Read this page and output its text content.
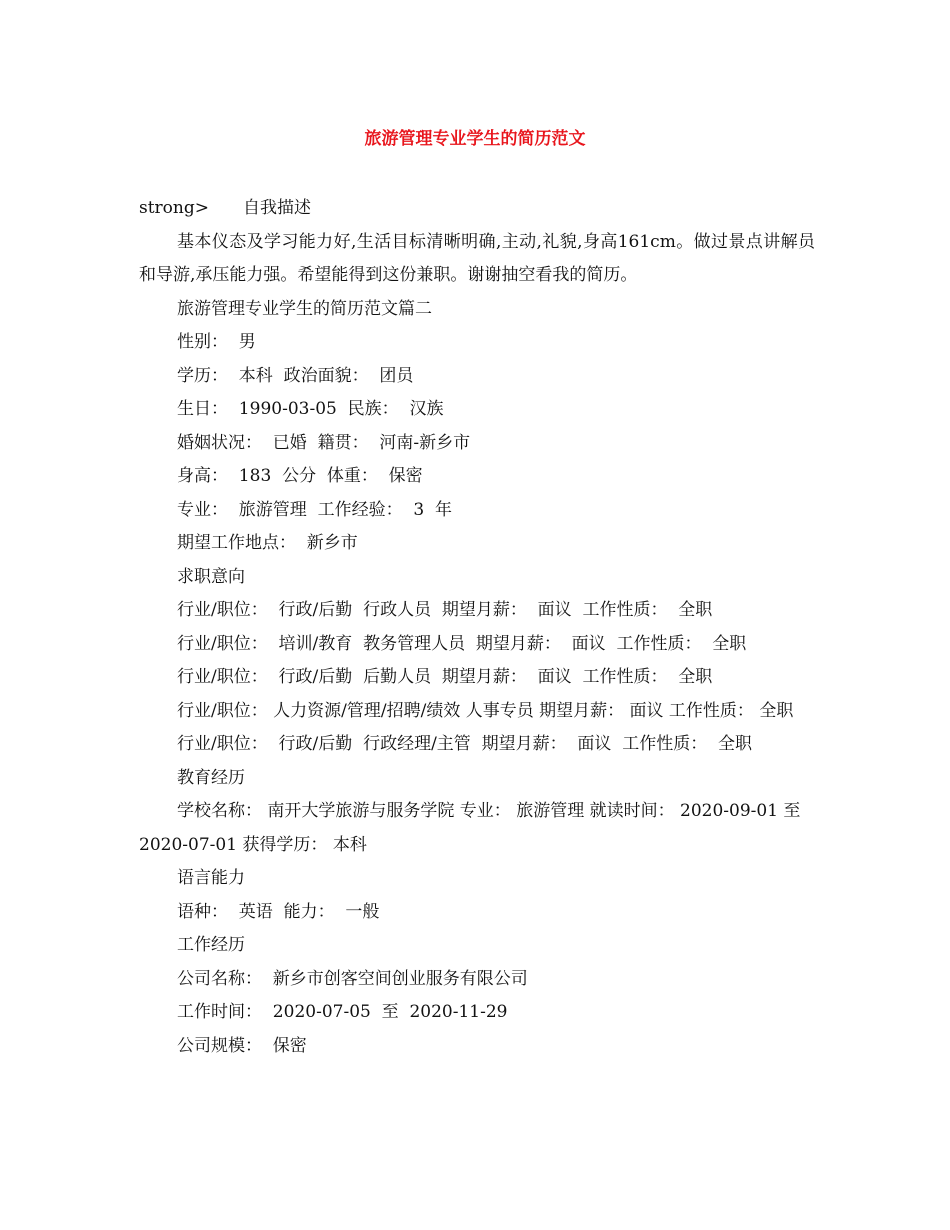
旅游管理专业学生的简历范文
strong> 自我描述
基本仪态及学习能力好,生活目标清晰明确,主动,礼貌,身高161cm。做过景点讲解员和导游,承压能力强。希望能得到这份兼职。谢谢抽空看我的简历。
旅游管理专业学生的简历范文篇二
性别：  男
学历：  本科  政治面貌：  团员
生日：  1990-03-05  民族：  汉族
婚姻状况：  已婚  籍贯：  河南-新乡市
身高：  183  公分  体重：  保密
专业：  旅游管理  工作经验：  3  年
期望工作地点：  新乡市
求职意向
行业/职位：  行政/后勤  行政人员  期望月薪：  面议  工作性质：  全职
行业/职位：  培训/教育  教务管理人员  期望月薪：  面议  工作性质：  全职
行业/职位：  行政/后勤  后勤人员  期望月薪：  面议  工作性质：  全职
行业/职位： 人力资源/管理/招聘/绩效 人事专员 期望月薪： 面议 工作性质： 全职
行业/职位：  行政/后勤  行政经理/主管  期望月薪：  面议  工作性质：  全职
教育经历
学校名称： 南开大学旅游与服务学院 专业： 旅游管理 就读时间： 2020-09-01 至 2020-07-01 获得学历： 本科
语言能力
语种：  英语  能力：  一般
工作经历
公司名称：  新乡市创客空间创业服务有限公司
工作时间：  2020-07-05  至  2020-11-29
公司规模：  保密
